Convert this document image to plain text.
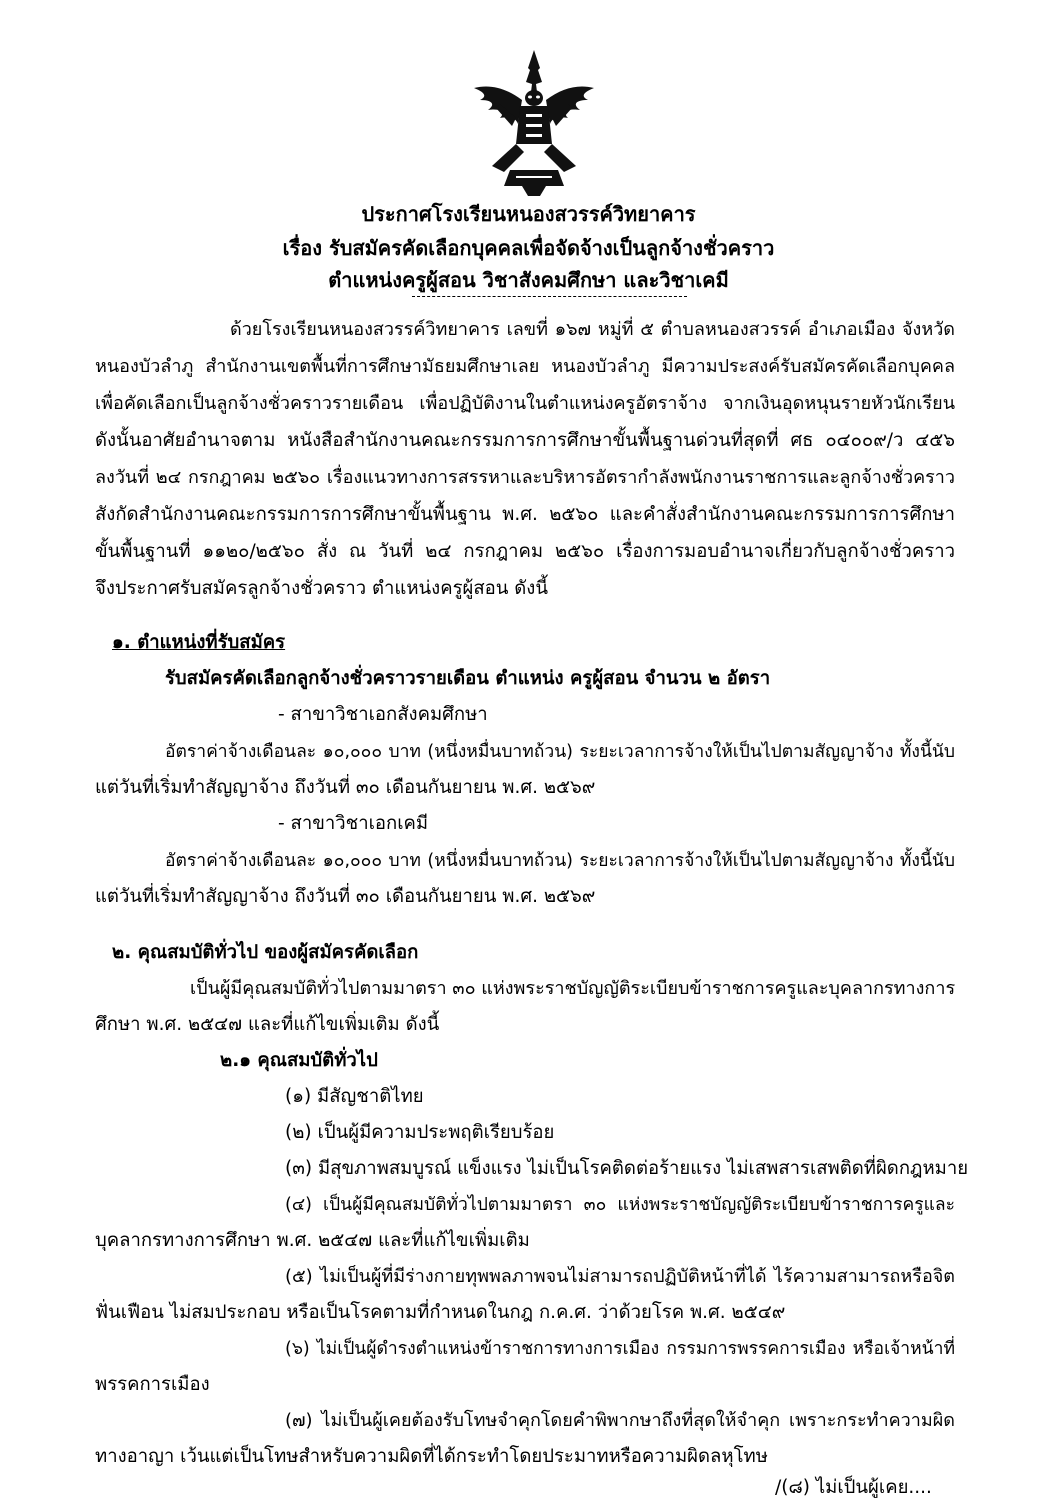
ประกาศโรงเรียนหนองสวรรค์วิทยาคาร
เรื่อง รับสมัครคัดเลือกบุคคลเพื่อจัดจ้างเป็นลูกจ้างชั่วคราว
ตำแหน่งครูผู้สอน วิชาสังคมศึกษา และวิชาเคมี
ด้วยโรงเรียนหนองสวรรค์วิทยาคาร เลขที่ ๑๖๗ หมู่ที่ ๕ ตำบลหนองสวรรค์ อำเภอเมือง จังหวัด
หนองบัวลำภู สำนักงานเขตพื้นที่การศึกษามัธยมศึกษาเลย หนองบัวลำภู มีความประสงค์รับสมัครคัดเลือกบุคคล
เพื่อคัดเลือกเป็นลูกจ้างชั่วคราวรายเดือน เพื่อปฏิบัติงานในตำแหน่งครูอัตราจ้าง จากเงินอุดหนุนรายหัวนักเรียน
ดังนั้นอาศัยอำนาจตาม หนังสือสำนักงานคณะกรรมการการศึกษาขั้นพื้นฐานด่วนที่สุดที่ ศธ ๐๔๐๐๙/ว ๔๕๖
ลงวันที่ ๒๔ กรกฎาคม ๒๕๖๐ เรื่องแนวทางการสรรหาและบริหารอัตรากำลังพนักงานราชการและลูกจ้างชั่วคราว
สังกัดสำนักงานคณะกรรมการการศึกษาขั้นพื้นฐาน พ.ศ. ๒๕๖๐ และคำสั่งสำนักงานคณะกรรมการการศึกษา
ขั้นพื้นฐานที่ ๑๑๒๐/๒๕๖๐ สั่ง ณ วันที่ ๒๔ กรกฎาคม ๒๕๖๐ เรื่องการมอบอำนาจเกี่ยวกับลูกจ้างชั่วคราว
จึงประกาศรับสมัครลูกจ้างชั่วคราว ตำแหน่งครูผู้สอน ดังนี้
๑. ตำแหน่งที่รับสมัคร
รับสมัครคัดเลือกลูกจ้างชั่วคราวรายเดือน ตำแหน่ง ครูผู้สอน จำนวน ๒ อัตรา
- สาขาวิชาเอกสังคมศึกษา
อัตราค่าจ้างเดือนละ ๑๐,๐๐๐ บาท (หนึ่งหมื่นบาทถ้วน) ระยะเวลาการจ้างให้เป็นไปตามสัญญาจ้าง ทั้งนี้นับ
แต่วันที่เริ่มทำสัญญาจ้าง ถึงวันที่ ๓๐ เดือนกันยายน พ.ศ. ๒๕๖๙
- สาขาวิชาเอกเคมี
อัตราค่าจ้างเดือนละ ๑๐,๐๐๐ บาท (หนึ่งหมื่นบาทถ้วน) ระยะเวลาการจ้างให้เป็นไปตามสัญญาจ้าง ทั้งนี้นับ
แต่วันที่เริ่มทำสัญญาจ้าง ถึงวันที่ ๓๐ เดือนกันยายน พ.ศ. ๒๕๖๙
๒. คุณสมบัติทั่วไป ของผู้สมัครคัดเลือก
เป็นผู้มีคุณสมบัติทั่วไปตามมาตรา ๓๐ แห่งพระราชบัญญัติระเบียบข้าราชการครูและบุคลากรทางการ
ศึกษา พ.ศ. ๒๕๔๗ และที่แก้ไขเพิ่มเติม ดังนี้
๒.๑ คุณสมบัติทั่วไป
(๑) มีสัญชาติไทย
(๒) เป็นผู้มีความประพฤติเรียบร้อย
(๓) มีสุขภาพสมบูรณ์ แข็งแรง ไม่เป็นโรคติดต่อร้ายแรง ไม่เสพสารเสพติดที่ผิดกฎหมาย
(๔) เป็นผู้มีคุณสมบัติทั่วไปตามมาตรา ๓๐ แห่งพระราชบัญญัติระเบียบข้าราชการครูและ
บุคลากรทางการศึกษา พ.ศ. ๒๕๔๗ และที่แก้ไขเพิ่มเติม
(๕) ไม่เป็นผู้ที่มีร่างกายทุพพลภาพจนไม่สามารถปฏิบัติหน้าที่ได้ ไร้ความสามารถหรือจิต
ฟั่นเฟือน ไม่สมประกอบ หรือเป็นโรคตามที่กำหนดในกฎ ก.ค.ศ. ว่าด้วยโรค พ.ศ. ๒๕๔๙
(๖) ไม่เป็นผู้ดำรงตำแหน่งข้าราชการทางการเมือง กรรมการพรรคการเมือง หรือเจ้าหน้าที่
พรรคการเมือง
(๗) ไม่เป็นผู้เคยต้องรับโทษจำคุกโดยคำพิพากษาถึงที่สุดให้จำคุก เพราะกระทำความผิด
ทางอาญา เว้นแต่เป็นโทษสำหรับความผิดที่ได้กระทำโดยประมาทหรือความผิดลหุโทษ
/(๘) ไม่เป็นผู้เคย....
